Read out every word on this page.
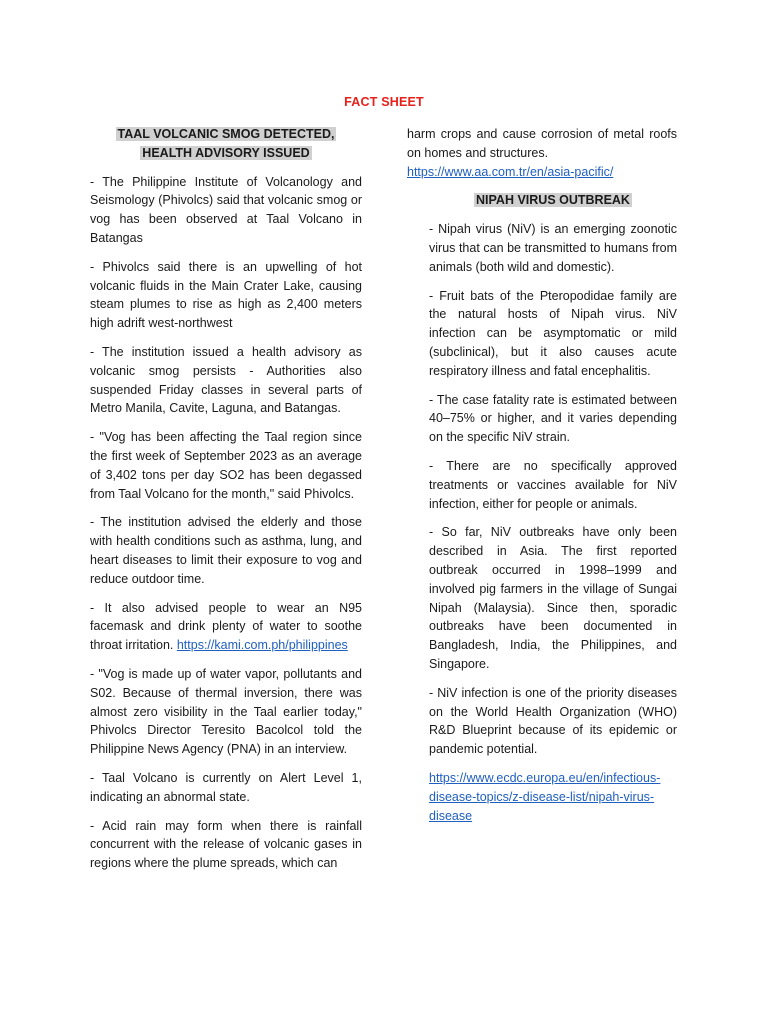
FACT SHEET
TAAL VOLCANIC SMOG DETECTED, HEALTH ADVISORY ISSUED

- The Philippine Institute of Volcanology and Seismology (Phivolcs) said that volcanic smog or vog has been observed at Taal Volcano in Batangas

- Phivolcs said there is an upwelling of hot volcanic fluids in the Main Crater Lake, causing steam plumes to rise as high as 2,400 meters high adrift west-northwest

- The institution issued a health advisory as volcanic smog persists - Authorities also suspended Friday classes in several parts of Metro Manila, Cavite, Laguna, and Batangas.

- "Vog has been affecting the Taal region since the first week of September 2023 as an average of 3,402 tons per day SO2 has been degassed from Taal Volcano for the month," said Phivolcs.

- The institution advised the elderly and those with health conditions such as asthma, lung, and heart diseases to limit their exposure to vog and reduce outdoor time.

- It also advised people to wear an N95 facemask and drink plenty of water to soothe throat irritation. https://kami.com.ph/philippines

- "Vog is made up of water vapor, pollutants and S02. Because of thermal inversion, there was almost zero visibility in the Taal earlier today," Phivolcs Director Teresito Bacolcol told the Philippine News Agency (PNA) in an interview.

- Taal Volcano is currently on Alert Level 1, indicating an abnormal state.

- Acid rain may form when there is rainfall concurrent with the release of volcanic gases in regions where the plume spreads, which can

harm crops and cause corrosion of metal roofs on homes and structures.

https://www.aa.com.tr/en/asia-pacific/

NIPAH VIRUS OUTBREAK

- Nipah virus (NiV) is an emerging zoonotic virus that can be transmitted to humans from animals (both wild and domestic).

- Fruit bats of the Pteropodidae family are the natural hosts of Nipah virus. NiV infection can be asymptomatic or mild (subclinical), but it also causes acute respiratory illness and fatal encephalitis.

- The case fatality rate is estimated between 40–75% or higher, and it varies depending on the specific NiV strain.

- There are no specifically approved treatments or vaccines available for NiV infection, either for people or animals.

- So far, NiV outbreaks have only been described in Asia. The first reported outbreak occurred in 1998–1999 and involved pig farmers in the village of Sungai Nipah (Malaysia). Since then, sporadic outbreaks have been documented in Bangladesh, India, the Philippines, and Singapore.

- NiV infection is one of the priority diseases on the World Health Organization (WHO) R&D Blueprint because of its epidemic or pandemic potential.

https://www.ecdc.europa.eu/en/infectious-disease-topics/z-disease-list/nipah-virus-disease
